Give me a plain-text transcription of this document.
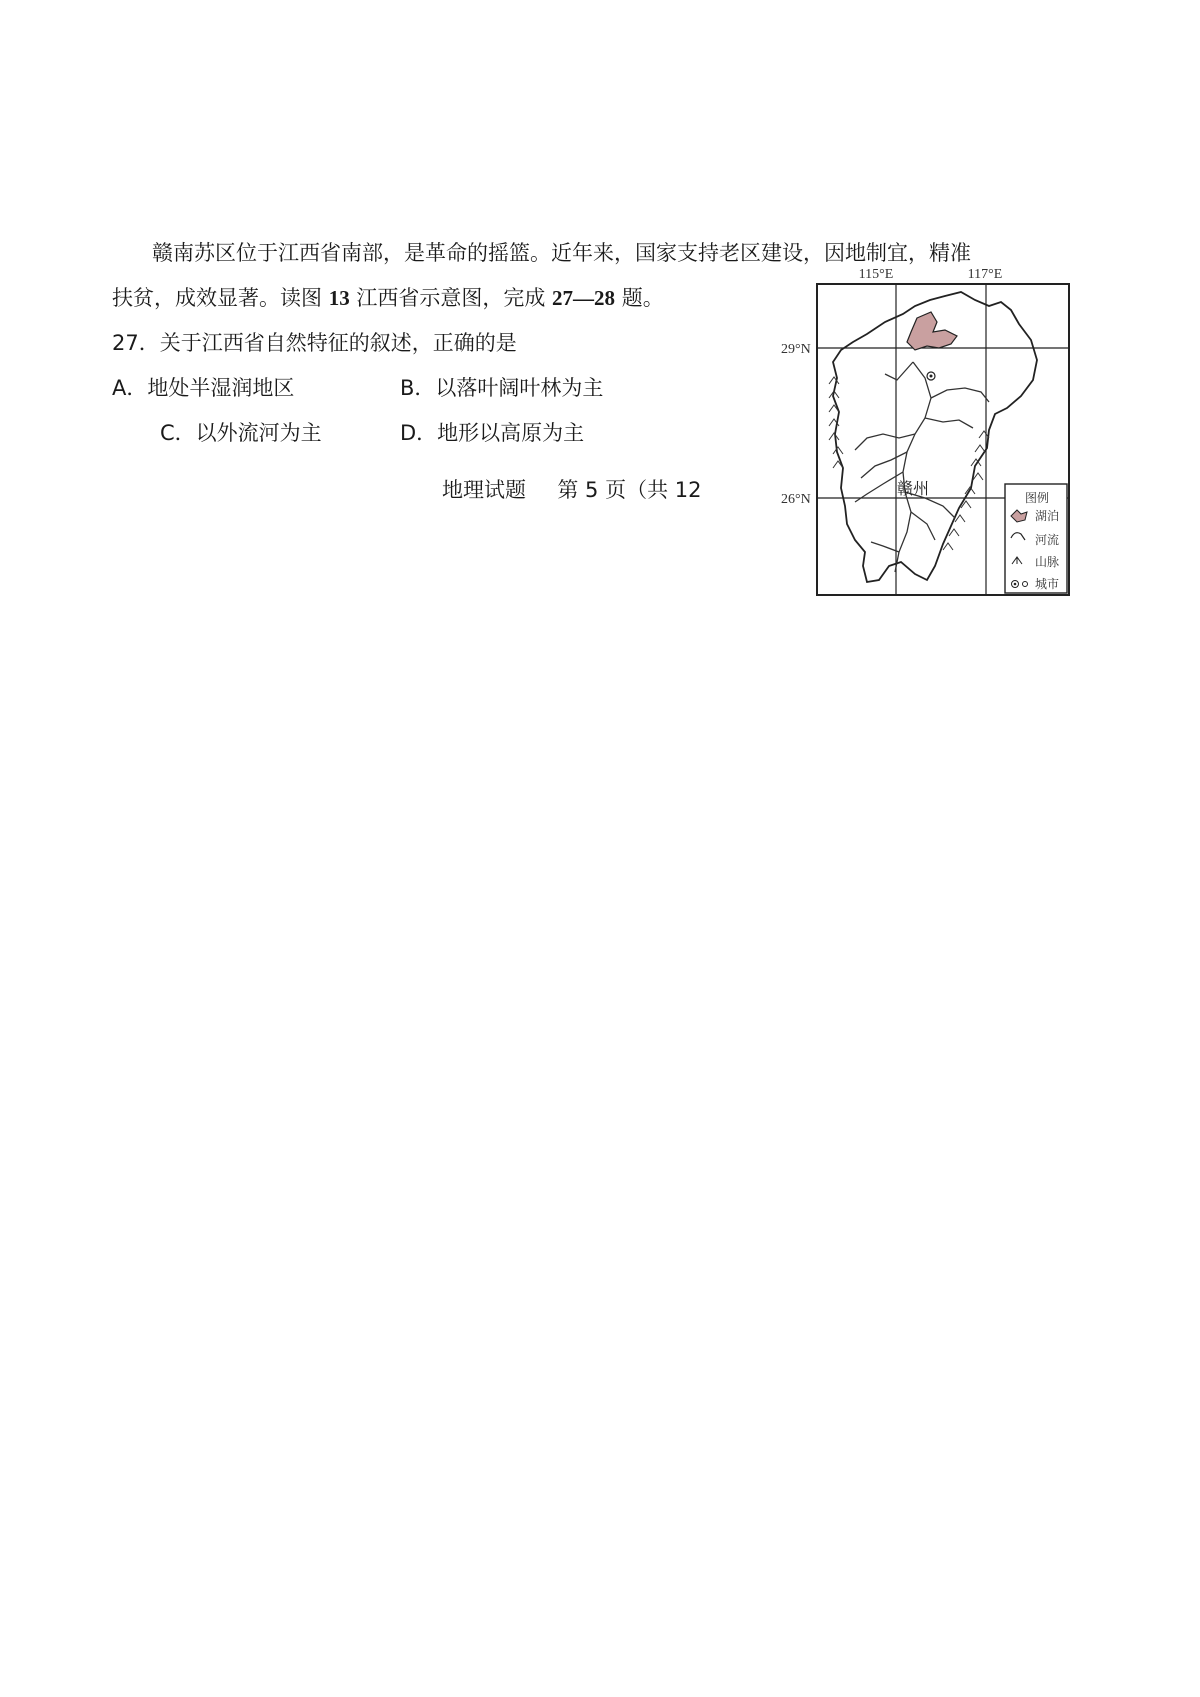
赣南苏区位于江西省南部，是革命的摇篮。近年来，国家支持老区建设，因地制宜，精准
扶贫，成效显著。读图 13 江西省示意图，完成 27—28 题。
27．关于江西省自然特征的叙述，正确的是
A．地处半湿润地区	B．以落叶阔叶林为主
C．以外流河为主	D．地形以高原为主
地理试题 第 5 页（共 12
115°E	117°E
29°N
26°N
赣州	图例
湖泊
河流
山脉
城市
